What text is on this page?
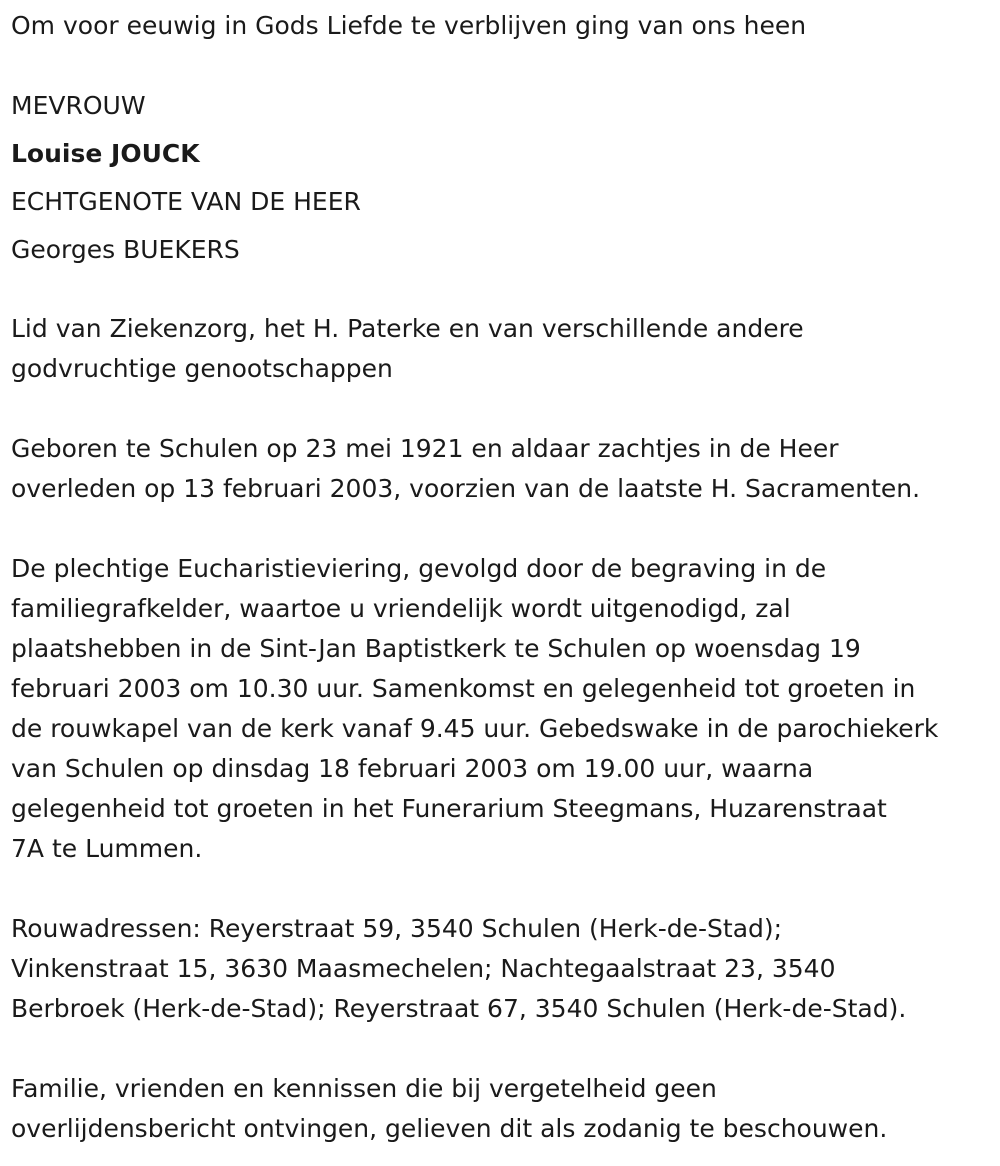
Om voor eeuwig in Gods Liefde te verblijven ging van ons heen
MEVROUW
Louise JOUCK
ECHTGENOTE VAN DE HEER
Georges BUEKERS
Lid van Ziekenzorg, het H. Paterke en van verschillende andere
godvruchtige genootschappen
Geboren te Schulen op 23 mei 1921 en aldaar zachtjes in de Heer
overleden op 13 februari 2003, voorzien van de laatste H. Sacramenten.
De plechtige Eucharistieviering, gevolgd door de begraving in de
familiegrafkelder, waartoe u vriendelijk wordt uitgenodigd, zal
plaatshebben in de Sint-Jan Baptistkerk te Schulen op woensdag 19
februari 2003 om 10.30 uur. Samenkomst en gelegenheid tot groeten in
de rouwkapel van de kerk vanaf 9.45 uur. Gebedswake in de parochiekerk
van Schulen op dinsdag 18 februari 2003 om 19.00 uur, waarna
gelegenheid tot groeten in het Funerarium Steegmans, Huzarenstraat
7A te Lummen.
Rouwadressen: Reyerstraat 59, 3540 Schulen (Herk-de-Stad);
Vinkenstraat 15, 3630 Maasmechelen; Nachtegaalstraat 23, 3540
Berbroek (Herk-de-Stad); Reyerstraat 67, 3540 Schulen (Herk-de-Stad).
Familie, vrienden en kennissen die bij vergetelheid geen
overlijdensbericht ontvingen, gelieven dit als zodanig te beschouwen.
